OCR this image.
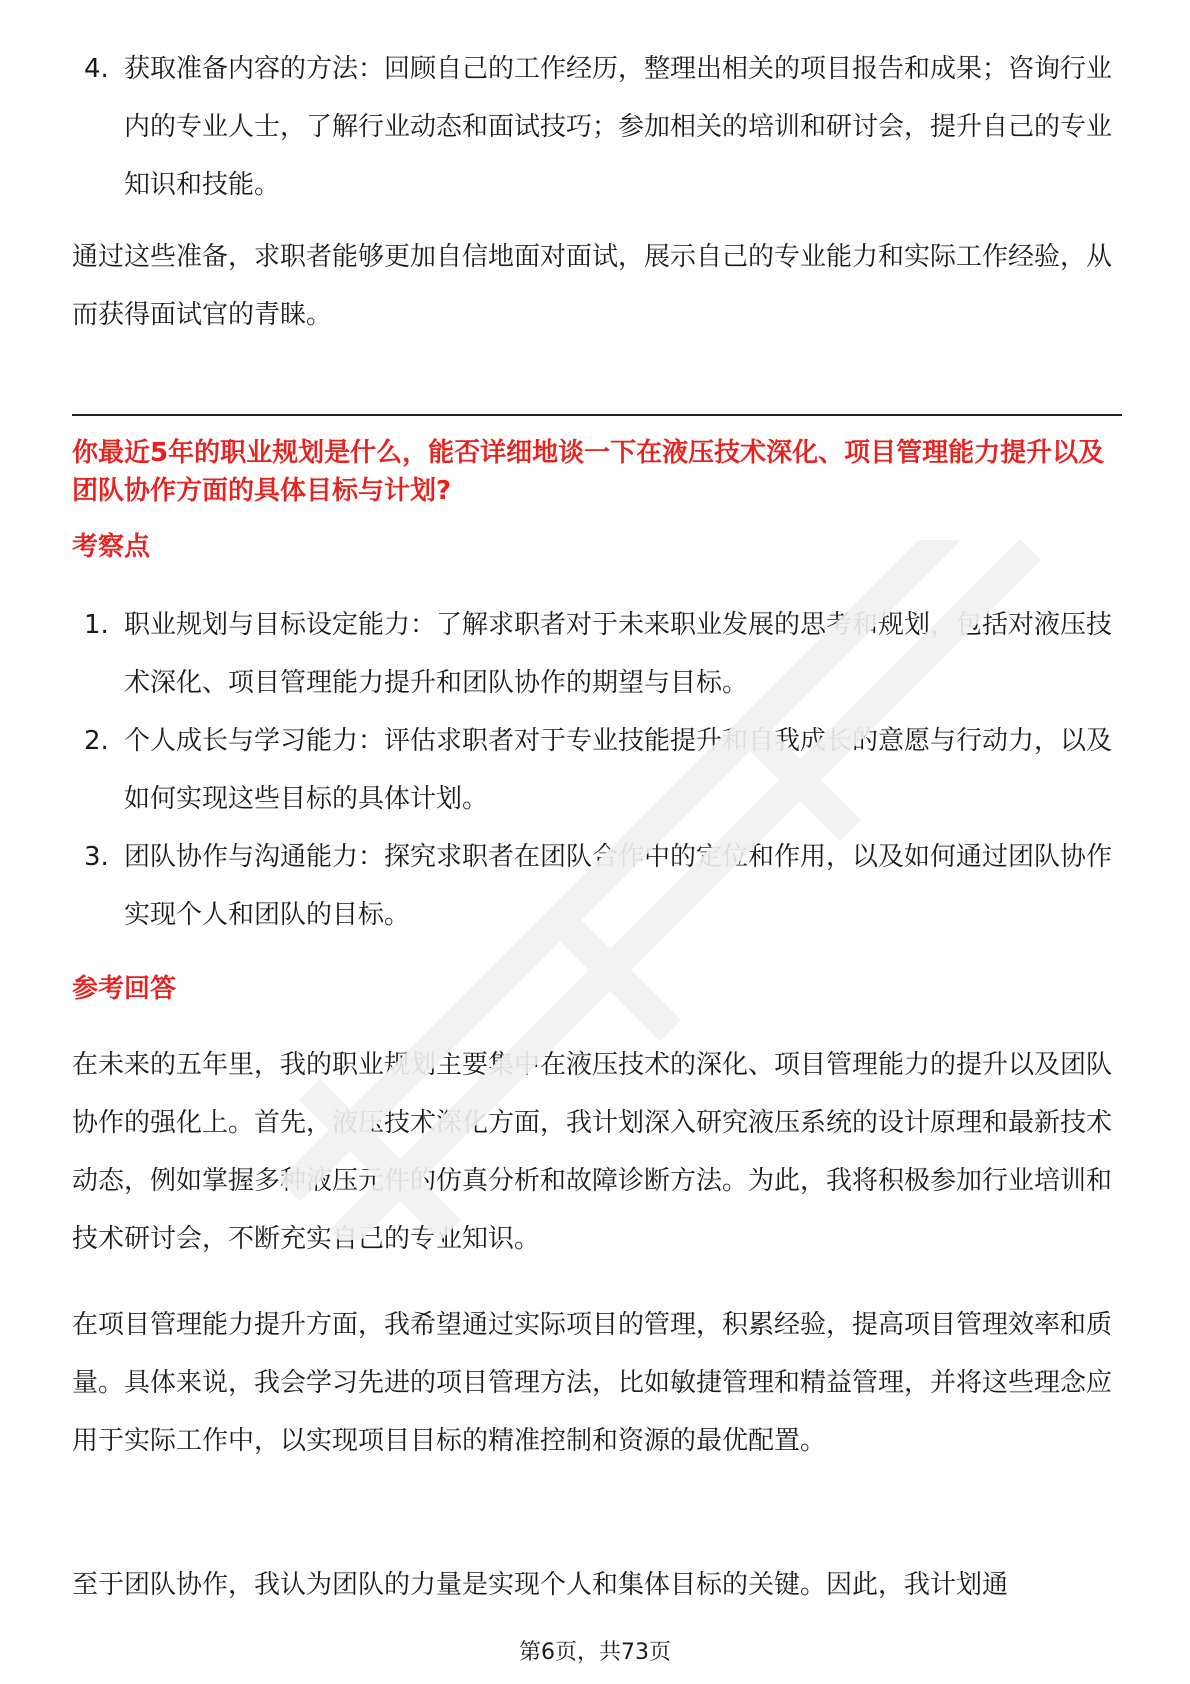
4. 获取准备内容的方法：回顾自己的工作经历，整理出相关的项目报告和成果；咨询行业内的专业人士，了解行业动态和面试技巧；参加相关的培训和研讨会，提升自己的专业知识和技能。
通过这些准备，求职者能够更加自信地面对面试，展示自己的专业能力和实际工作经验，从而获得面试官的青睐。
你最近5年的职业规划是什么，能否详细地谈一下在液压技术深化、项目管理能力提升以及团队协作方面的具体目标与计划?
考察点
1. 职业规划与目标设定能力：了解求职者对于未来职业发展的思考和规划，包括对液压技术深化、项目管理能力提升和团队协作的期望与目标。
2. 个人成长与学习能力：评估求职者对于专业技能提升和自我成长的意愿与行动力，以及如何实现这些目标的具体计划。
3. 团队协作与沟通能力：探究求职者在团队合作中的定位和作用，以及如何通过团队协作实现个人和团队的目标。
参考回答
在未来的五年里，我的职业规划主要集中在液压技术的深化、项目管理能力的提升以及团队协作的强化上。首先，液压技术深化方面，我计划深入研究液压系统的设计原理和最新技术动态，例如掌握多种液压元件的仿真分析和故障诊断方法。为此，我将积极参加行业培训和技术研讨会，不断充实自己的专业知识。
在项目管理能力提升方面，我希望通过实际项目的管理，积累经验，提高项目管理效率和质量。具体来说，我会学习先进的项目管理方法，比如敏捷管理和精益管理，并将这些理念应用于实际工作中，以实现项目目标的精准控制和资源的最优配置。
至于团队协作，我认为团队的力量是实现个人和集体目标的关键。因此，我计划通
第6页，共73页
